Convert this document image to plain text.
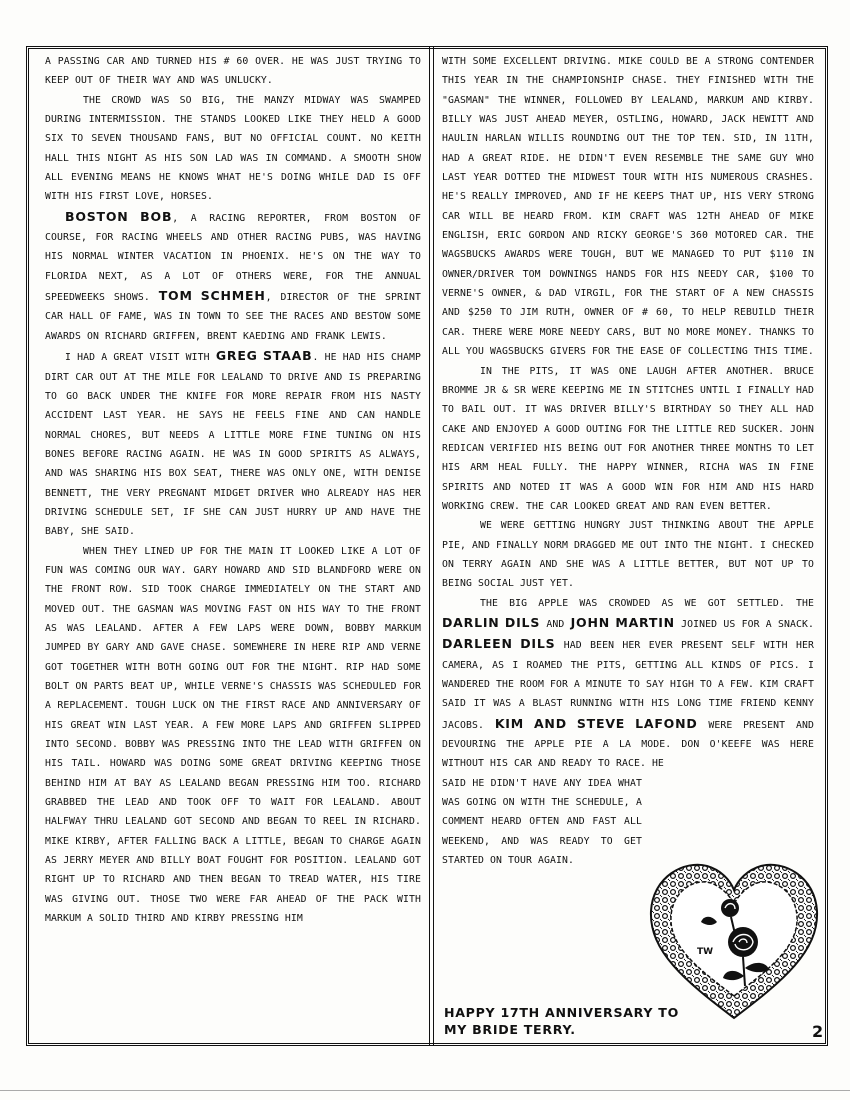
A PASSING CAR AND TURNED HIS # 60 OVER. HE WAS JUST TRYING TO KEEP OUT OF THEIR WAY AND WAS UNLUCKY.

THE CROWD WAS SO BIG, THE MANZY MIDWAY WAS SWAMPED DURING INTERMISSION. THE STANDS LOOKED LIKE THEY HELD A GOOD SIX TO SEVEN THOUSAND FANS, BUT NO OFFICIAL COUNT. NO KEITH HALL THIS NIGHT AS HIS SON LAD WAS IN COMMAND. A SMOOTH SHOW ALL EVENING MEANS HE KNOWS WHAT HE'S DOING WHILE DAD IS OFF WITH HIS FIRST LOVE, HORSES.

BOSTON BOB, A RACING REPORTER, FROM BOSTON OF COURSE, FOR RACING WHEELS AND OTHER RACING PUBS, WAS HAVING HIS NORMAL WINTER VACATION IN PHOENIX. HE'S ON THE WAY TO FLORIDA NEXT, AS A LOT OF OTHERS WERE, FOR THE ANNUAL SPEEDWEEKS SHOWS. TOM SCHMEH, DIRECTOR OF THE SPRINT CAR HALL OF FAME, WAS IN TOWN TO SEE THE RACES AND BESTOW SOME AWARDS ON RICHARD GRIFFEN, BRENT KAEDING AND FRANK LEWIS.

I HAD A GREAT VISIT WITH GREG STAAB. HE HAD HIS CHAMP DIRT CAR OUT AT THE MILE FOR LEALAND TO DRIVE AND IS PREPARING TO GO BACK UNDER THE KNIFE FOR MORE REPAIR FROM HIS NASTY ACCIDENT LAST YEAR. HE SAYS HE FEELS FINE AND CAN HANDLE NORMAL CHORES, BUT NEEDS A LITTLE MORE FINE TUNING ON HIS BONES BEFORE RACING AGAIN. HE WAS IN GOOD SPIRITS AS ALWAYS, AND WAS SHARING HIS BOX SEAT, THERE WAS ONLY ONE, WITH DENISE BENNETT, THE VERY PREGNANT MIDGET DRIVER WHO ALREADY HAS HER DRIVING SCHEDULE SET, IF SHE CAN JUST HURRY UP AND HAVE THE BABY, SHE SAID.

WHEN THEY LINED UP FOR THE MAIN IT LOOKED LIKE A LOT OF FUN WAS COMING OUR WAY. GARY HOWARD AND SID BLANDFORD WERE ON THE FRONT ROW. SID TOOK CHARGE IMMEDIATELY ON THE START AND MOVED OUT. THE GASMAN WAS MOVING FAST ON HIS WAY TO THE FRONT AS WAS LEALAND. AFTER A FEW LAPS WERE DOWN, BOBBY MARKUM JUMPED BY GARY AND GAVE CHASE. SOMEWHERE IN HERE RIP AND VERNE GOT TOGETHER WITH BOTH GOING OUT FOR THE NIGHT. RIP HAD SOME BOLT ON PARTS BEAT UP, WHILE VERNE'S CHASSIS WAS SCHEDULED FOR A REPLACEMENT. TOUGH LUCK ON THE FIRST RACE AND ANNIVERSARY OF HIS GREAT WIN LAST YEAR. A FEW MORE LAPS AND GRIFFEN SLIPPED INTO SECOND. BOBBY WAS PRESSING INTO THE LEAD WITH GRIFFEN ON HIS TAIL. HOWARD WAS DOING SOME GREAT DRIVING KEEPING THOSE BEHIND HIM AT BAY AS LEALAND BEGAN PRESSING HIM TOO. RICHARD GRABBED THE LEAD AND TOOK OFF TO WAIT FOR LEALAND. ABOUT HALFWAY THRU LEALAND GOT SECOND AND BEGAN TO REEL IN RICHARD. MIKE KIRBY, AFTER FALLING BACK A LITTLE, BEGAN TO CHARGE AGAIN AS JERRY MEYER AND BILLY BOAT FOUGHT FOR POSITION. LEALAND GOT RIGHT UP TO RICHARD AND THEN BEGAN TO TREAD WATER, HIS TIRE WAS GIVING OUT. THOSE TWO WERE FAR AHEAD OF THE PACK WITH MARKUM A SOLID THIRD AND KIRBY PRESSING HIM

WITH SOME EXCELLENT DRIVING. MIKE COULD BE A STRONG CONTENDER THIS YEAR IN THE CHAMPIONSHIP CHASE. THEY FINISHED WITH THE "GASMAN" THE WINNER, FOLLOWED BY LEALAND, MARKUM AND KIRBY. BILLY WAS JUST AHEAD MEYER, OSTLING, HOWARD, JACK HEWITT AND HAULIN HARLAN WILLIS ROUNDING OUT THE TOP TEN. SID, IN 11TH, HAD A GREAT RIDE. HE DIDN'T EVEN RESEMBLE THE SAME GUY WHO LAST YEAR DOTTED THE MIDWEST TOUR WITH HIS NUMEROUS CRASHES. HE'S REALLY IMPROVED, AND IF HE KEEPS THAT UP, HIS VERY STRONG CAR WILL BE HEARD FROM. KIM CRAFT WAS 12TH AHEAD OF MIKE ENGLISH, ERIC GORDON AND RICKY GEORGE'S 360 MOTORED CAR. THE WAGSBUCKS AWARDS WERE TOUGH, BUT WE MANAGED TO PUT $110 IN OWNER/DRIVER TOM DOWNINGS HANDS FOR HIS NEEDY CAR, $100 TO VERNE'S OWNER, & DAD VIRGIL, FOR THE START OF A NEW CHASSIS AND $250 TO JIM RUTH, OWNER OF # 60, TO HELP REBUILD THEIR CAR. THERE WERE MORE NEEDY CARS, BUT NO MORE MONEY. THANKS TO ALL YOU WAGSBUCKS GIVERS FOR THE EASE OF COLLECTING THIS TIME.

IN THE PITS, IT WAS ONE LAUGH AFTER ANOTHER. BRUCE BROMME JR & SR WERE KEEPING ME IN STITCHES UNTIL I FINALLY HAD TO BAIL OUT. IT WAS DRIVER BILLY'S BIRTHDAY SO THEY ALL HAD CAKE AND ENJOYED A GOOD OUTING FOR THE LITTLE RED SUCKER. JOHN REDICAN VERIFIED HIS BEING OUT FOR ANOTHER THREE MONTHS TO LET HIS ARM HEAL FULLY. THE HAPPY WINNER, RICHA WAS IN FINE SPIRITS AND NOTED IT WAS A GOOD WIN FOR HIM AND HIS HARD WORKING CREW. THE CAR LOOKED GREAT AND RAN EVEN BETTER.

WE WERE GETTING HUNGRY JUST THINKING ABOUT THE APPLE PIE, AND FINALLY NORM DRAGGED ME OUT INTO THE NIGHT. I CHECKED ON TERRY AGAIN AND SHE WAS A LITTLE BETTER, BUT NOT UP TO BEING SOCIAL JUST YET.

THE BIG APPLE WAS CROWDED AS WE GOT SETTLED. THE DARLIN DILS AND JOHN MARTIN JOINED US FOR A SNACK. DARLEEN DILS HAD BEEN HER EVER PRESENT SELF WITH HER CAMERA, AS I ROAMED THE PITS, GETTING ALL KINDS OF PICS. I WANDERED THE ROOM FOR A MINUTE TO SAY HIGH TO A FEW. KIM CRAFT SAID IT WAS A BLAST RUNNING WITH HIS LONG TIME FRIEND KENNY JACOBS. KIM AND STEVE LAFOND WERE PRESENT AND DEVOURING THE APPLE PIE A LA MODE. DON O'KEEFE WAS HERE WITHOUT HIS CAR AND READY TO RACE. HE

SAID HE DIDN'T HAVE ANY IDEA WHAT WAS GOING ON WITH THE SCHEDULE, A COMMENT HEARD OFTEN AND FAST ALL WEEKEND, AND WAS READY TO GET STARTED ON TOUR AGAIN.

TW
HAPPY 17TH ANNIVERSARY TO
MY BRIDE TERRY.	2
